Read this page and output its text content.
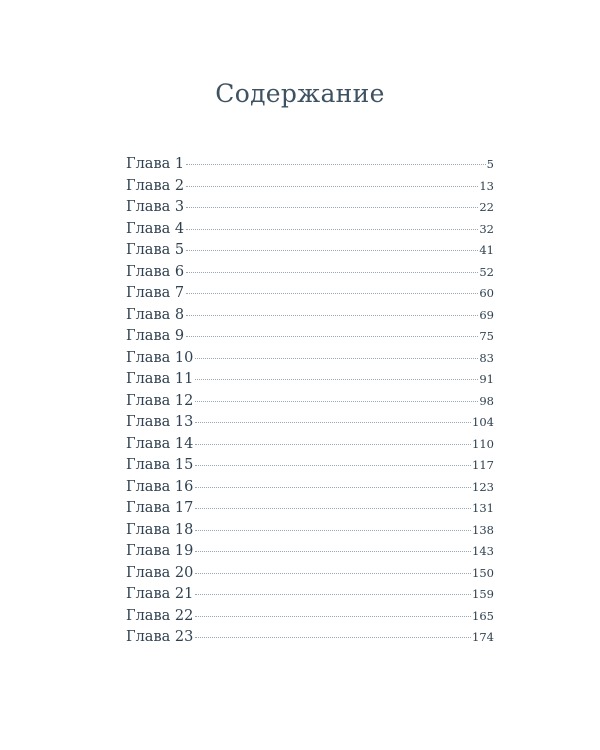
Содержание
Глава 1	5
Глава 2	13
Глава 3	22
Глава 4	32
Глава 5	41
Глава 6	52
Глава 7	60
Глава 8	69
Глава 9	75
Глава 10	83
Глава 11	91
Глава 12	98
Глава 13	104
Глава 14	110
Глава 15	117
Глава 16	123
Глава 17	131
Глава 18	138
Глава 19	143
Глава 20	150
Глава 21	159
Глава 22	165
Глава 23	174
